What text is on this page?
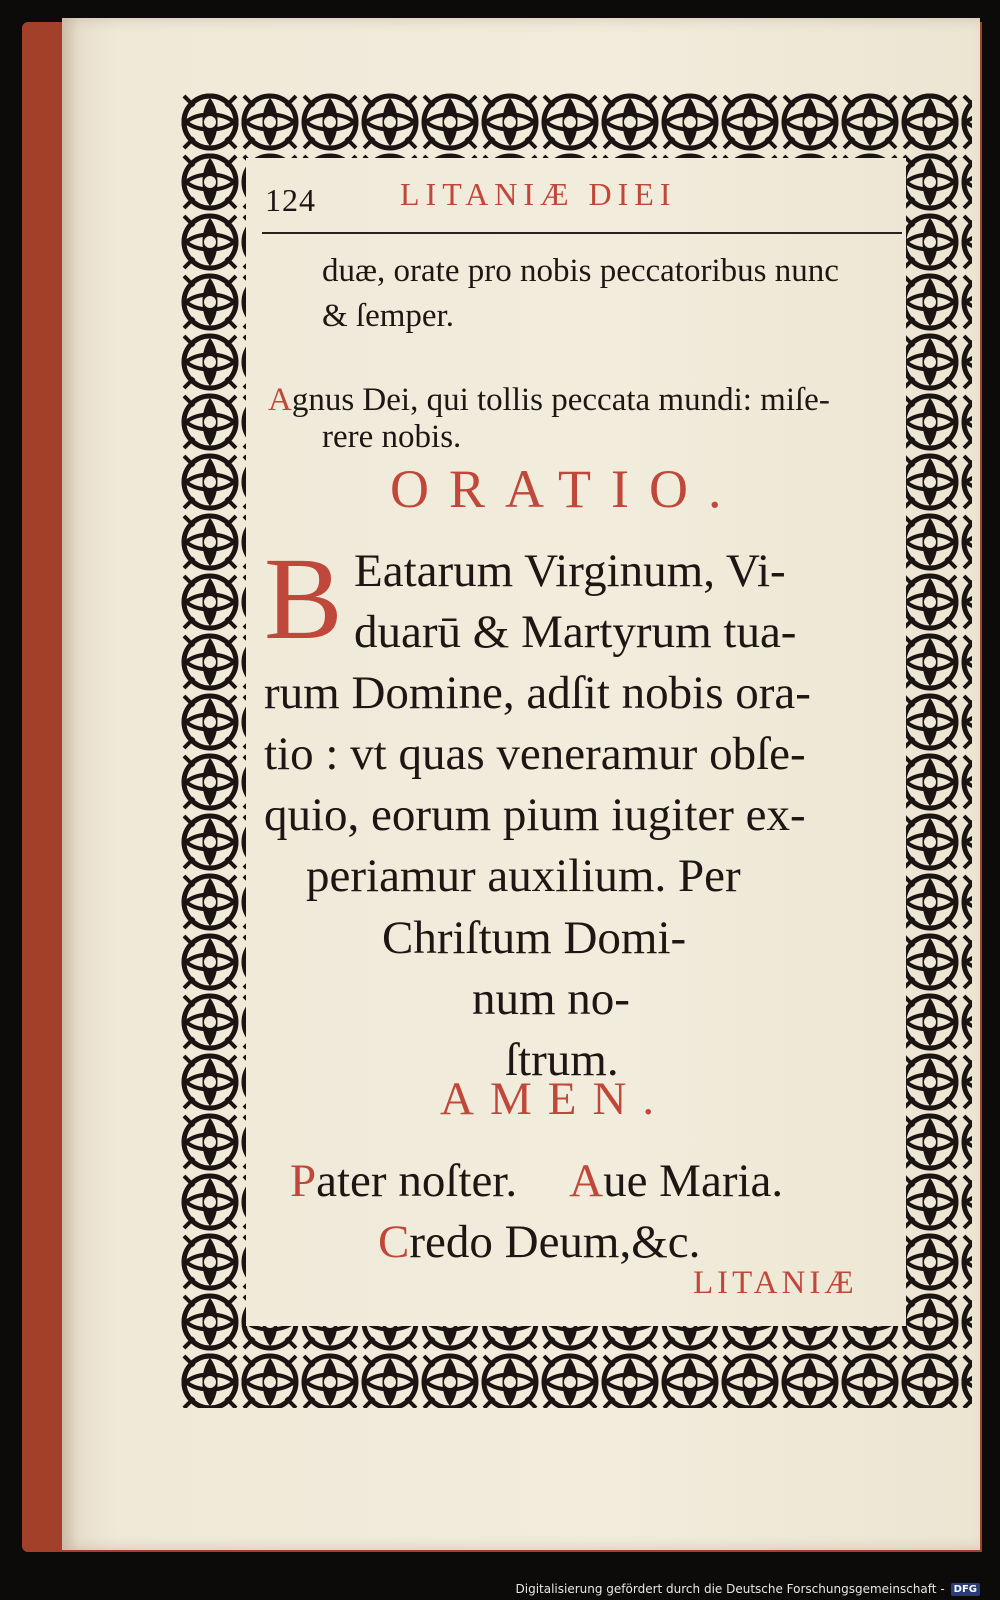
124	LITANIÆ DIEI
duæ, orate pro nobis peccatoribus nunc
& ſemper.
Agnus Dei, qui tollis peccata mundi: miſe-
rere nobis.
ORATIO.
B Eatarum Virginum, Vi-
duarū & Martyrum tua-
rum Domine, adſit nobis ora-
tio : vt quas veneramur obſe-
quio, eorum pium iugiter ex-
periamur auxilium. Per
Chriſtum Domi-
num no-
ſtrum.
AMEN.
Pater noſter. Aue Maria.
Credo Deum,&c.
LITANIÆ
Digitalisierung gefördert durch die Deutsche Forschungsgemeinschaft - DFG
